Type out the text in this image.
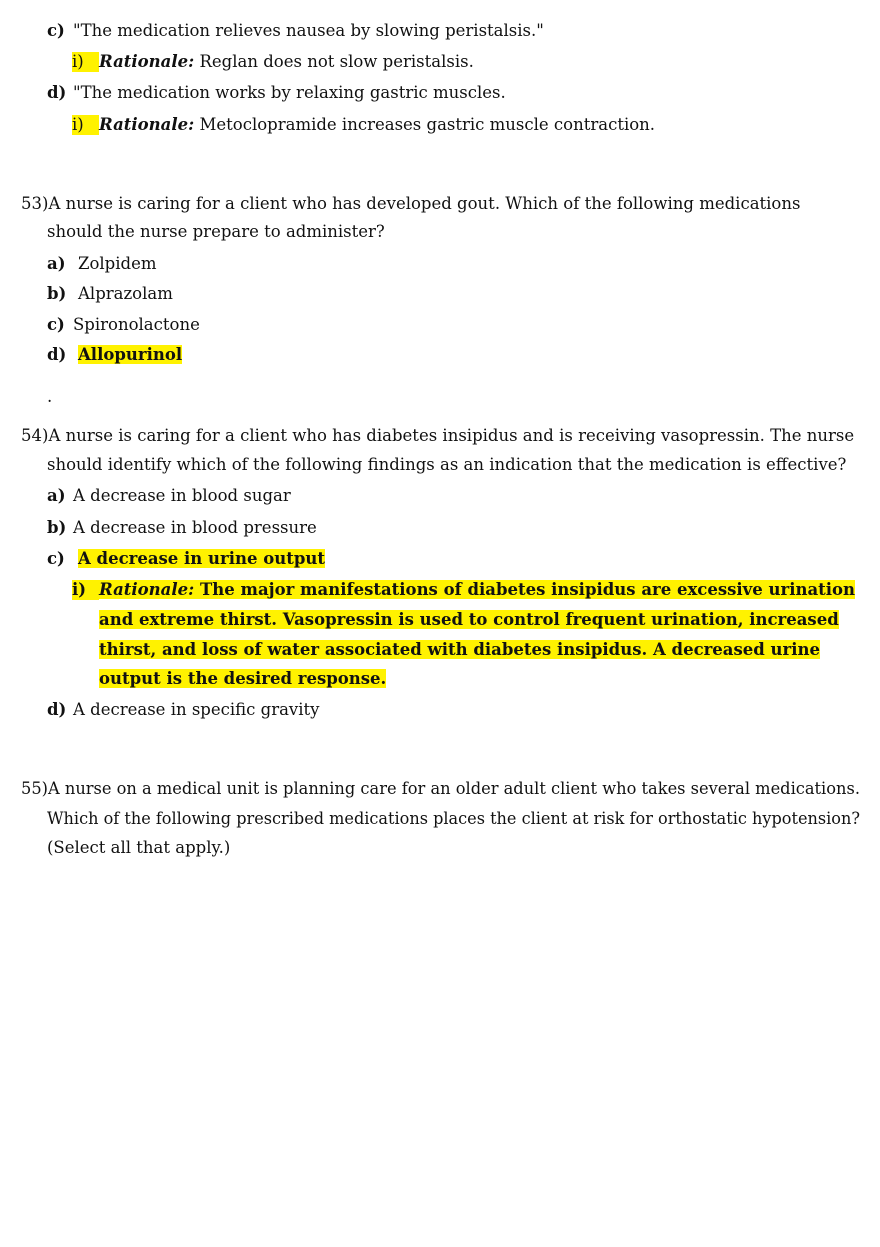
c) "The medication relieves nausea by slowing peristalsis."
i) Rationale: Reglan does not slow peristalsis.
d) "The medication works by relaxing gastric muscles.
i) Rationale: Metoclopramide increases gastric muscle contraction.
53)A nurse is caring for a client who has developed gout. Which of the following medications
should the nurse prepare to administer?
a) Zolpidem
b) Alprazolam
c) Spironolactone
d) Allopurinol
.
54)A nurse is caring for a client who has diabetes insipidus and is receiving vasopressin. The nurse
should identify which of the following findings as an indication that the medication is effective?
a) A decrease in blood sugar
b) A decrease in blood pressure
c) A decrease in urine output
i) Rationale: The major manifestations of diabetes insipidus are excessive urination
and extreme thirst. Vasopressin is used to control frequent urination, increased
thirst, and loss of water associated with diabetes insipidus. A decreased urine
output is the desired response.
d) A decrease in specific gravity
55)A nurse on a medical unit is planning care for an older adult client who takes several medications.
Which of the following prescribed medications places the client at risk for orthostatic hypotension?
(Select all that apply.)
